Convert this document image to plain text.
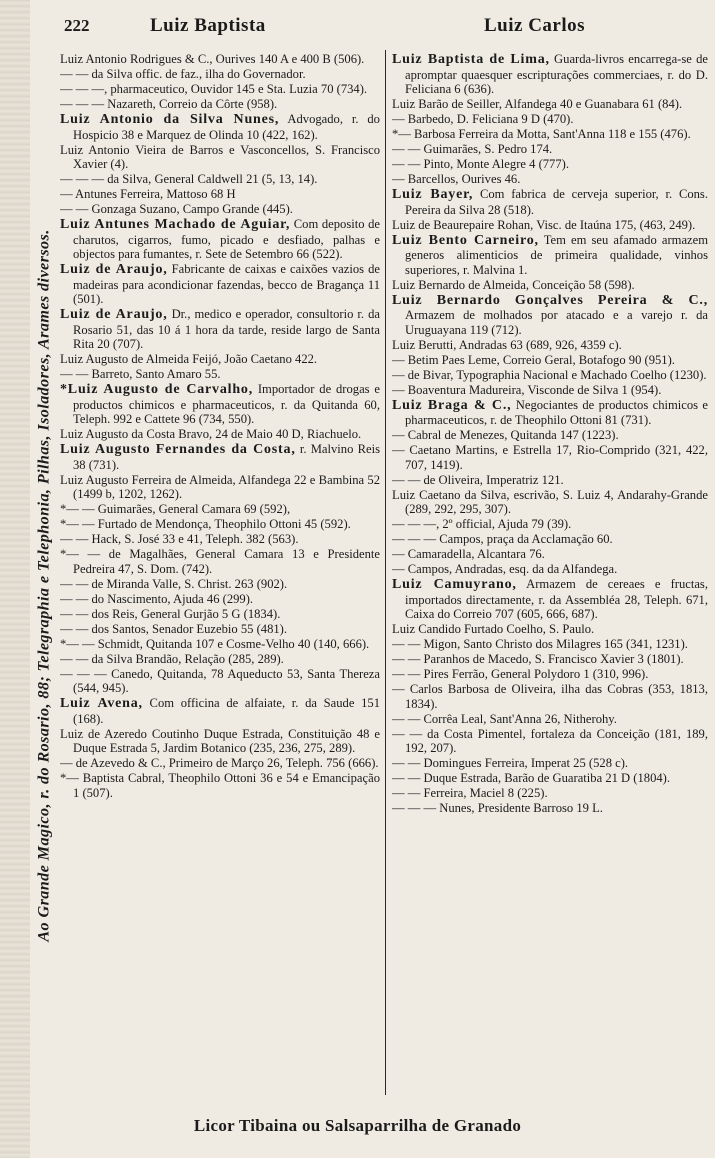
Ao Grande Magico, r. do Rosario, 88; Telegraphia e Telephonia, Pilhas, Isoladores, Arames diversos.
222	Luiz Baptista	Luiz Carlos

Luiz Antonio Rodrigues & C., Ourives 140 A e 400 B (506).

— — da Silva offic. de faz., ilha do Governador.

— — —, pharmaceutico, Ouvidor 145 e Sta. Luzia 70 (734).

— — — Nazareth, Correio da Côrte (958).

Luiz Antonio da Silva Nunes, Advogado, r. do Hospicio 38 e Marquez de Olinda 10 (422, 162).

Luiz Antonio Vieira de Barros e Vasconcellos, S. Francisco Xavier (4).

— — — da Silva, General Caldwell 21 (5, 13, 14).

— Antunes Ferreira, Mattoso 68 H

— — Gonzaga Suzano, Campo Grande (445).

Luiz Antunes Machado de Aguiar, Com deposito de charutos, cigarros, fumo, picado e desfiado, palhas e objectos para fumantes, r. Sete de Setembro 66 (522).

Luiz de Araujo, Fabricante de caixas e caixões vazios de madeiras para acondicionar fazendas, becco de Bragança 11 (501).

Luiz de Araujo, Dr., medico e operador, consultorio r. da Rosario 51, das 10 á 1 hora da tarde, reside largo de Santa Rita 20 (707).

Luiz Augusto de Almeida Feijó, João Caetano 422.

— — Barreto, Santo Amaro 55.

*Luiz Augusto de Carvalho, Importador de drogas e productos chimicos e pharmaceuticos, r. da Quitanda 60, Teleph. 992 e Cattete 96 (734, 550).

Luiz Augusto da Costa Bravo, 24 de Maio 40 D, Riachuelo.

Luiz Augusto Fernandes da Costa, r. Malvino Reis 38 (731).

Luiz Augusto Ferreira de Almeida, Alfandega 22 e Bambina 52 (1499 b, 1202, 1262).

*— — Guimarães, General Camara 69 (592),

*— — Furtado de Mendonça, Theophilo Ottoni 45 (592).

— — Hack, S. José 33 e 41, Teleph. 382 (563).

*— — de Magalhães, General Camara 13 e Presidente Pedreira 47, S. Dom. (742).

— — de Miranda Valle, S. Christ. 263 (902).

— — do Nascimento, Ajuda 46 (299).

— — dos Reis, General Gurjão 5 G (1834).

— — dos Santos, Senador Euzebio 55 (481).

*— — Schmidt, Quitanda 107 e Cosme-Velho 40 (140, 666).

— — da Silva Brandão, Relação (285, 289).

— — — Canedo, Quitanda, 78 Aqueducto 53, Santa Thereza (544, 945).

Luiz Avena, Com officina de alfaiate, r. da Saude 151 (168).

Luiz de Azeredo Coutinho Duque Estrada, Constituição 48 e Duque Estrada 5, Jardim Botanico (235, 236, 275, 289).

— de Azevedo & C., Primeiro de Março 26, Teleph. 756 (666).

*— Baptista Cabral, Theophilo Ottoni 36 e 54 e Emancipação 1 (507).

Luiz Baptista de Lima, Guarda-livros encarrega-se de apromptar quaesquer escripturações commerciaes, r. do D. Feliciana 6 (636).

Luiz Barão de Seiller, Alfandega 40 e Guanabara 61 (84).

— Barbedo, D. Feliciana 9 D (470).

*— Barbosa Ferreira da Motta, Sant'Anna 118 e 155 (476).

— — Guimarães, S. Pedro 174.

— — Pinto, Monte Alegre 4 (777).

— Barcellos, Ourives 46.

Luiz Bayer, Com fabrica de cerveja superior, r. Cons. Pereira da Silva 28 (518).

Luiz de Beaurepaire Rohan, Visc. de Itaúna 175, (463, 249).

Luiz Bento Carneiro, Tem em seu afamado armazem generos alimenticios de primeira qualidade, vinhos superiores, r. Malvina 1.

Luiz Bernardo de Almeida, Conceição 58 (598).

Luiz Bernardo Gonçalves Pereira & C., Armazem de molhados por atacado e a varejo r. da Uruguayana 119 (712).

Luiz Berutti, Andradas 63 (689, 926, 4359 c).

— Betim Paes Leme, Correio Geral, Botafogo 90 (951).

— de Bivar, Typographia Nacional e Machado Coelho (1230).

— Boaventura Madureira, Visconde de Silva 1 (954).

Luiz Braga & C., Negociantes de productos chimicos e pharmaceuticos, r. de Theophilo Ottoni 81 (731).

— Cabral de Menezes, Quitanda 147 (1223).

— Caetano Martins, e Estrella 17, Rio-Comprido (321, 422, 707, 1419).

— — de Oliveira, Imperatriz 121.

Luiz Caetano da Silva, escrivão, S. Luiz 4, Andarahy-Grande (289, 292, 295, 307).

— — —, 2º official, Ajuda 79 (39).

— — — Campos, praça da Acclamação 60.

— Camaradella, Alcantara 76.

— Campos, Andradas, esq. da da Alfandega.

Luiz Camuyrano, Armazem de cereaes e fructas, importados directamente, r. da Assembléa 28, Teleph. 671, Caixa do Correio 707 (605, 666, 687).

Luiz Candido Furtado Coelho, S. Paulo.

— — Migon, Santo Christo dos Milagres 165 (341, 1231).

— — Paranhos de Macedo, S. Francisco Xavier 3 (1801).

— — Pires Ferrão, General Polydoro 1 (310, 996).

— Carlos Barbosa de Oliveira, ilha das Cobras (353, 1813, 1834).

— — Corrêa Leal, Sant'Anna 26, Nitherohy.

— — da Costa Pimentel, fortaleza da Conceição (181, 189, 192, 207).

— — Domingues Ferreira, Imperat 25 (528 c).

— — Duque Estrada, Barão de Guaratiba 21 D (1804).

— — Ferreira, Maciel 8 (225).

— — — Nunes, Presidente Barroso 19 L.

Licor Tibaina ou Salsaparrilha de Granado
